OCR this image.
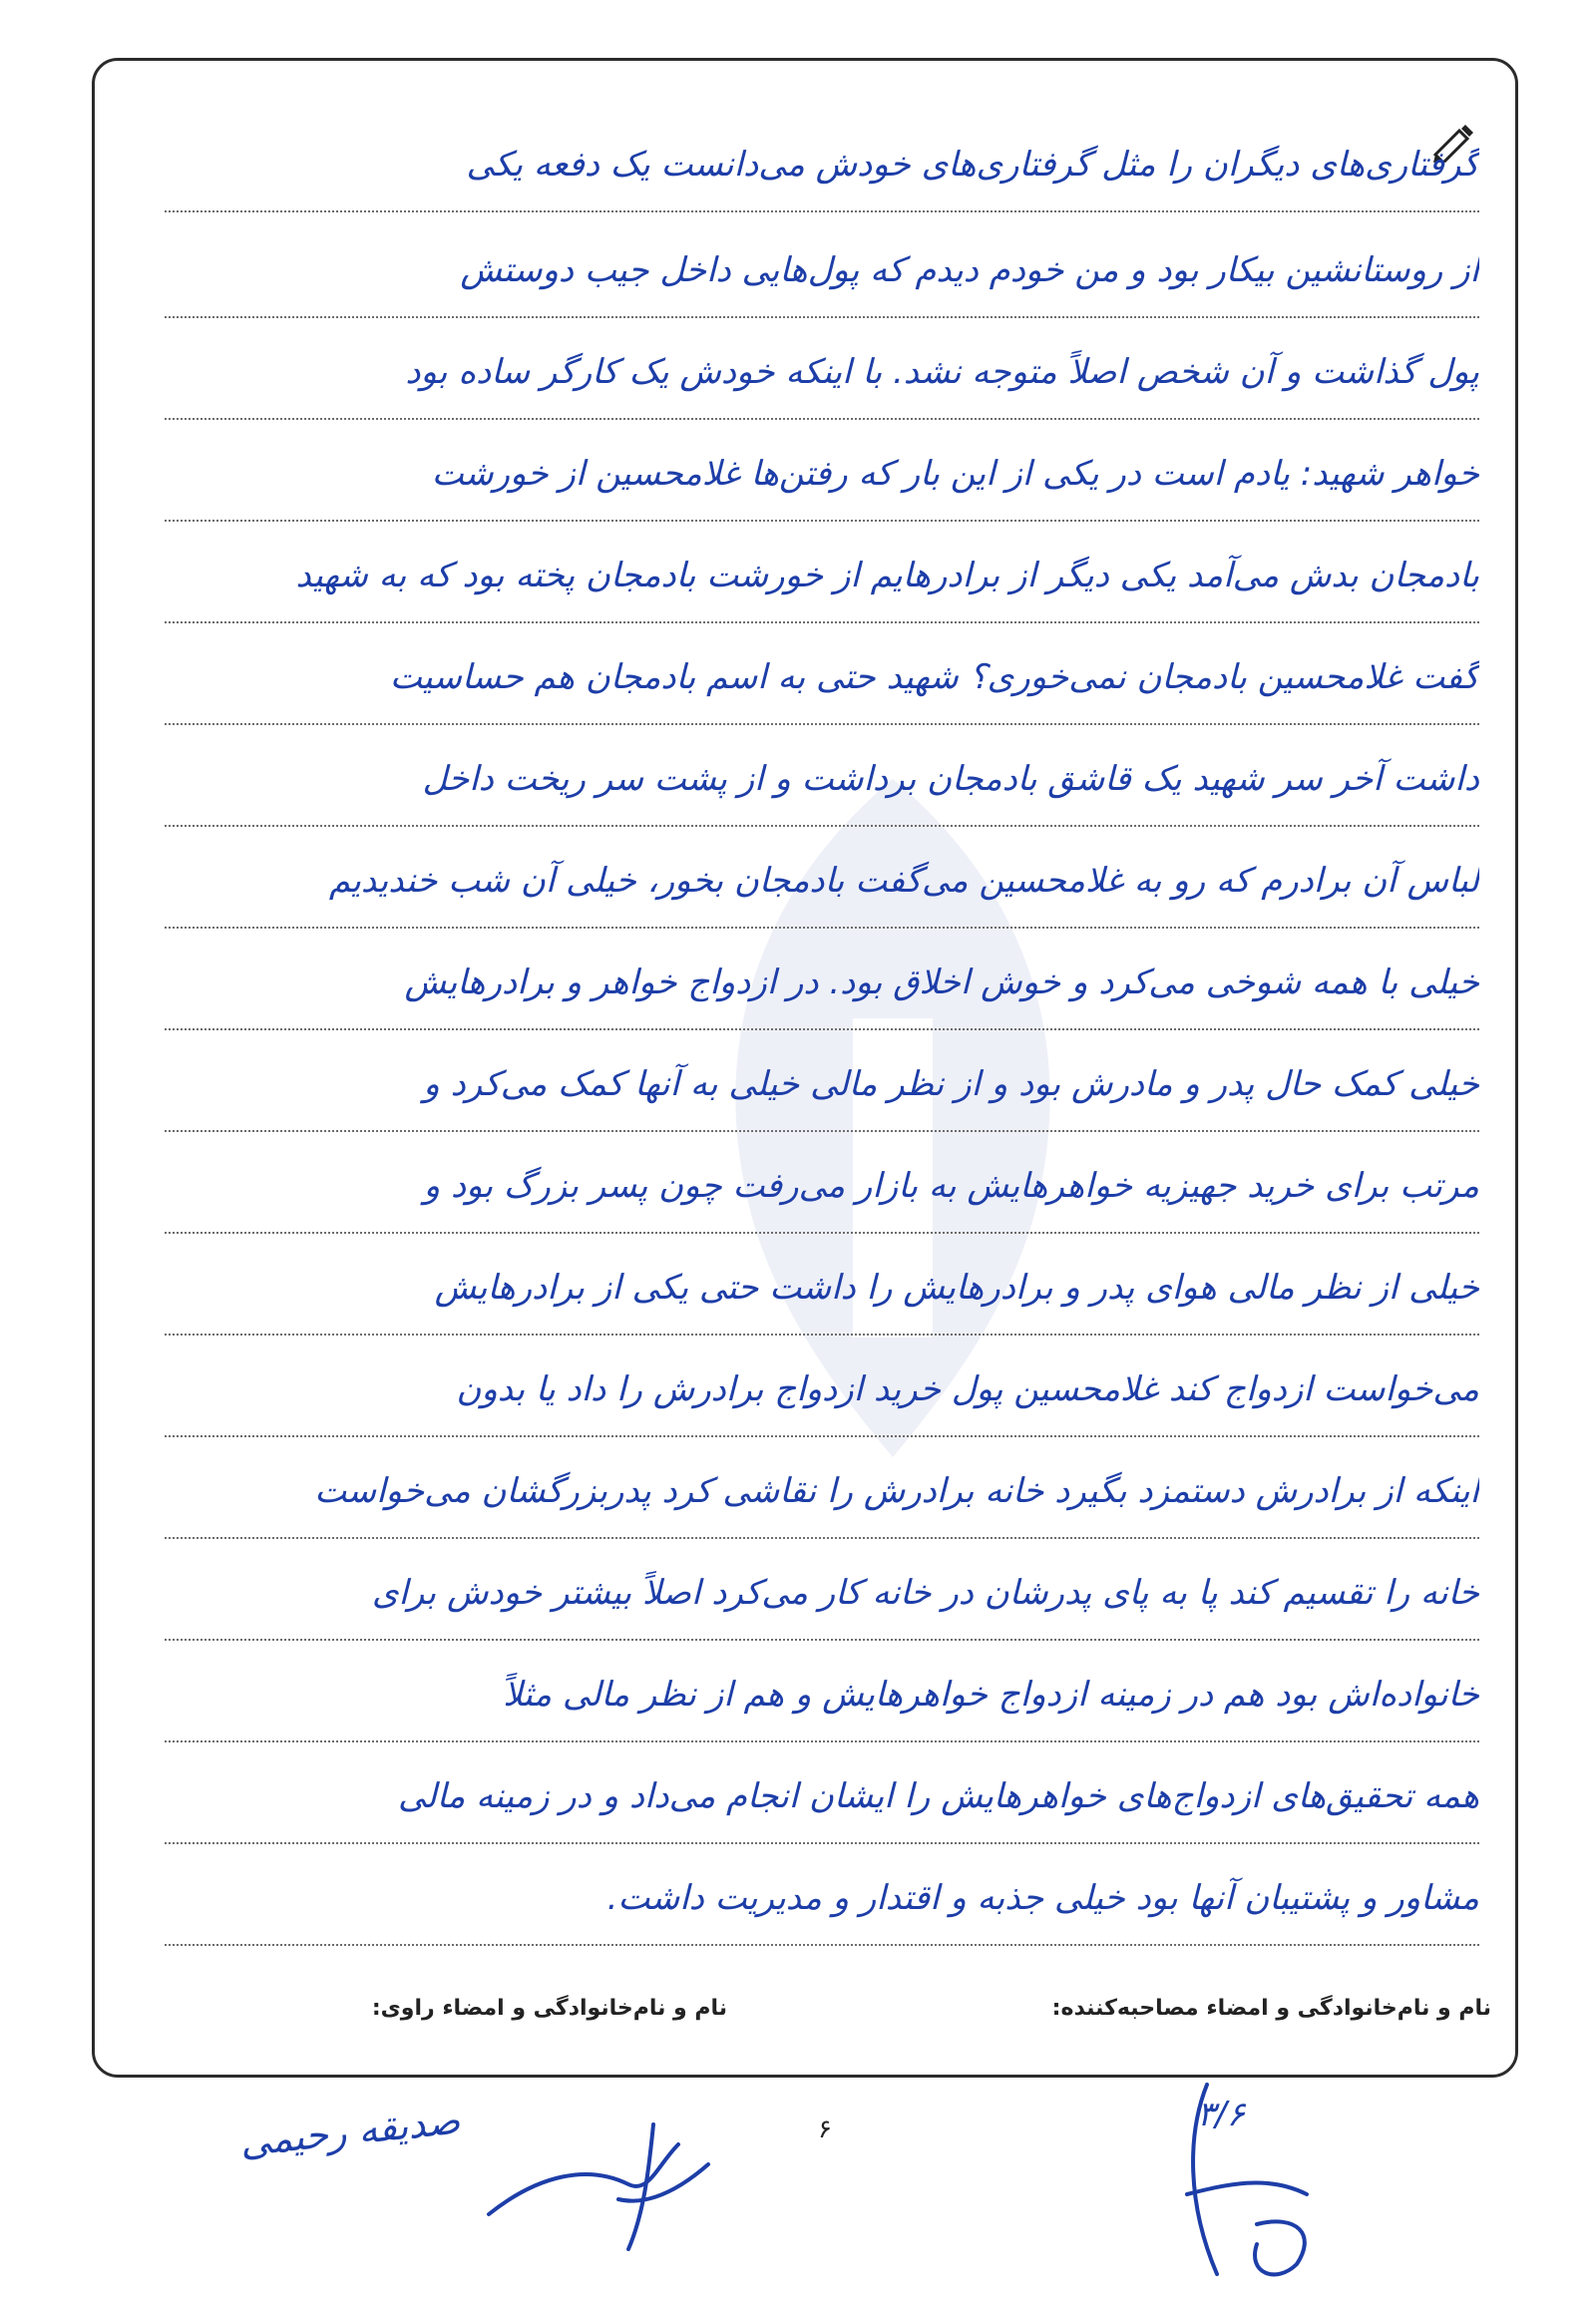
گرفتاری‌های دیگران را مثل گرفتاری‌های خودش می‌دانست یک دفعه یکی
از روستانشین بیکار بود و من خودم دیدم که پول‌هایی داخل جیب دوستش
پول گذاشت و آن شخص اصلاً متوجه نشد. با اینکه خودش یک کارگر ساده بود
خواهر شهید: یادم است در یکی از این بار که رفتن‌ها غلامحسین از خورشت
بادمجان بدش می‌آمد یکی دیگر از برادرهایم از خورشت بادمجان پخته بود که به شهید
گفت غلامحسین بادمجان نمی‌خوری؟ شهید حتی به اسم بادمجان هم حساسیت
داشت آخر سر شهید یک قاشق بادمجان برداشت و از پشت سر ریخت داخل
لباس آن برادرم که رو به غلامحسین می‌گفت بادمجان بخور، خیلی آن شب خندیدیم
خیلی با همه شوخی می‌کرد و خوش اخلاق بود. در ازدواج خواهر و برادرهایش
خیلی کمک حال پدر و مادرش بود و از نظر مالی خیلی به آنها کمک می‌کرد و
مرتب برای خرید جهیزیه خواهرهایش به بازار می‌رفت چون پسر بزرگ بود و
خیلی از نظر مالی هوای پدر و برادرهایش را داشت حتی یکی از برادرهایش
می‌خواست ازدواج کند غلامحسین پول خرید ازدواج برادرش را داد یا بدون
اینکه از برادرش دستمزد بگیرد خانه برادرش را نقاشی کرد پدربزرگشان می‌خواست
خانه را تقسیم کند پا به پای پدرشان در خانه کار می‌کرد اصلاً بیشتر خودش برای
خانواده‌اش بود هم در زمینه ازدواج خواهرهایش و هم از نظر مالی مثلاً
همه تحقیق‌های ازدواج‌های خواهرهایش را ایشان انجام می‌داد و در زمینه مالی
مشاور و پشتیبان آنها بود خیلی جذبه و اقتدار و مدیریت داشت.
نام و نام‌خانوادگی و امضاء مصاحبه‌کننده:
نام و نام‌خانوادگی و امضاء راوی:
صدیقه رحیمی	۶	۳/۶
